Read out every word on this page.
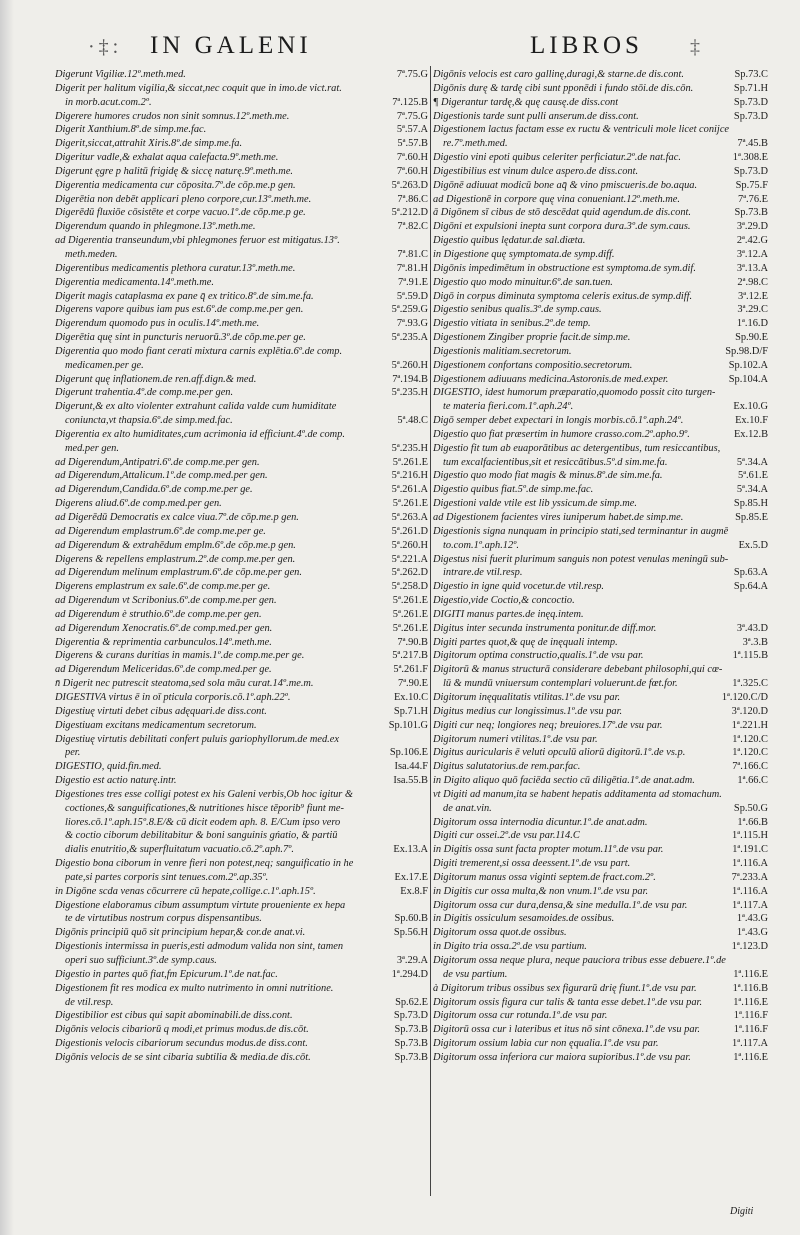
·‡: IN GALENI	LIBROS ‡
Digerunt Vigiliæ.12º.meth.med.	7ª.75.G
Digerit per halitum vigilia,& siccat,nec coquit que in imo.de vict.rat.
in morb.acut.com.2º.	7ª.125.B
Digerere humores crudos non sinit somnus.12º.meth.me.	7ª.75.G
Digerit Xanthium.8º.de simp.me.fac.	5ª.57.A
Digerit,siccat,attrahit Xiris.8º.de simp.me.fa.	5ª.57.B
Digeritur vadle,& exhalat aqua calefacta.9º.meth.me.	7ª.60.H
Digerunt ęgre p halitū frigidę & siccę naturę.9º.meth.me.	7ª.60.H
Digerentia medicamenta cur cōposita.7º.de cōp.me.p gen.	5ª.263.D
Digerētia non debēt applicari pleno corpore,cur.13º.meth.me.	7ª.86.C
Digerēdū fluxiōe cōsistēte et corpe vacuo.1º.de cōp.me.p ge.	5ª.212.D
Digerendum quando in phlegmone.13º.meth.me.	7ª.82.C
ad Digerentia transeundum,vbi phlegmones feruor est mitigatus.13º.
meth.meden.	7ª.81.C
Digerentibus medicamentis plethora curatur.13º.meth.me.	7ª.81.H
Digerentia medicamenta.14º.meth.me.	7ª.91.E
Digerit magis cataplasma ex pane q̄ ex tritico.8º.de sim.me.fa.	5ª.59.D
Digerens vapore quibus iam pus est.6º.de comp.me.per gen.	5ª.259.G
Digerendum quomodo pus in oculis.14º.meth.me.	7ª.93.G
Digerētia quę sint in puncturis neruorū.3º.de cōp.me.per ge.	5ª.235.A
Digerentia quo modo fiant cerati mixtura carnis explētia.6º.de comp.
medicamen.per ge.	5ª.260.H
Digerunt quę inflationem.de ren.aff.dign.& med.	7ª.194.B
Digerunt trahentia.4º.de comp.me.per gen.	5ª.235.H
Digerunt,& ex alto violenter extrahunt calida valde cum humiditate
coniuncta,vt thapsia.6º.de simp.med.fac.	5ª.48.C
Digerentia ex alto humiditates,cum acrimonia id efficiunt.4º.de comp.
med.per gen.	5ª.235.H
ad Digerendum,Antipatri.6º.de comp.me.per gen.	5ª.261.E
ad Digerendum,Attalicum.1º.de comp.med.per gen.	5ª.216.H
ad Digerendum,Candida.6º.de comp.me.per ge.	5ª.261.A
Digerens aliud.6º.de comp.med.per gen.	5ª.261.E
ad Digerēdū Democratis ex calce viua.7º.de cōp.me.p gen.	5ª.263.A
ad Digerendum emplastrum.6º.de comp.me.per ge.	5ª.261.D
ad Digerendum & extrahēdum emplm.6º.de cōp.me.p gen.	5ª.260.H
Digerens & repellens emplastrum.2º.de comp.me.per gen.	5ª.221.A
ad Digerendum melinum emplastrum.6º.de cōp.me.per gen.	5ª.262.D
Digerens emplastrum ex sale.6º.de comp.me.per ge.	5ª.258.D
ad Digerendum vt Scribonius.6º.de comp.me.per gen.	5ª.261.E
ad Digerendum è struthio.6º.de comp.me.per gen.	5ª.261.E
ad Digerendum Xenocratis.6º.de comp.med.per gen.	5ª.261.E
Digerentia & reprimentia carbunculos.14º.meth.me.	7ª.90.B
Digerens & curans duritias in mamis.1º.de comp.me.per ge.	5ª.217.B
ad Digerendum Meliceridas.6º.de comp.med.per ge.	5ª.261.F
n̄ Digerit nec putrescit steatoma,sed sola māu curat.14º.me.m.	7ª.90.E
DIGESTIVA virtus ē in oī pticula corporis.cō.1º.aph.22º.	Ex.10.C
Digestiuę virtuti debet cibus adęquari.de diss.cont.	Sp.71.H
Digestiuam excitans medicamentum secretorum.	Sp.101.G
Digestiuę virtutis debilitati confert puluis gariophyllorum.de med.ex
per.	Sp.106.E
DIGESTIO, quid.fin.med.	Isa.44.F
Digestio est actio naturę.intr.	Isa.55.B
Digestiones tres esse colligi potest ex his Galeni verbis,Ob hoc igitur &
coctiones,& sanguificationes,& nutritiones hisce tēporib⁹ fiunt me-
liores.cō.1º.aph.15º.8.E/& cū dicit eodem aph. 8. E/Cum ipso vero
& coctio ciborum debilitabitur & boni sanguinis gńatio, & partiū
dialis enutritio,& superfluitatum vacuatio.cō.2º.aph.7º.	Ex.13.A
Digestio bona ciborum in venre fieri non potest,neq; sanguificatio in he
pate,si partes corporis sint tenues.com.2º.ap.35º.	Ex.17.E
in Digōne scda venas cōcurrere cū hepate,collige.c.1º.aph.15º.	Ex.8.F
Digestione elaboramus cibum assumptum virtute proueniente ex hepa
te de virtutibus nostrum corpus dispensantibus.	Sp.60.B
Digōnis principiū quō sit principium hepar,& cor.de anat.vi.	Sp.56.H
Digestionis intermissa in pueris,esti admodum valida non sint, tamen
operi suo sufficiunt.3º.de symp.caus.	3ª.29.A
Digestio in partes quō fiat,fm Epicurum.1º.de nat.fac.	1ª.294.D
Digestionem fit res modica ex multo nutrimento in omni nutritione.
de vtil.resp.	Sp.62.E
Digestibilior est cibus qui sapit abominabili.de diss.cont.	Sp.73.D
Digōnis velocis cibariorū q modi,et primus modus.de dis.cōt.	Sp.73.B
Digestionis velocis cibariorum secundus modus.de diss.cont.	Sp.73.B
Digōnis velocis de se sint cibaria subtilia & media.de dis.cōt.	Sp.73.B
Digōnis velocis est caro gallinę,duragi,& starne.de dis.cont.	Sp.73.C
Digōnis durę & tardę cibi sunt pponēdi i fundo stōi.de dis.cōn.	Sp.71.H
¶ Digerantur tardę,& quę causę.de diss.cont	Sp.73.D
Digestionis tarde sunt pulli anserum.de diss.cont.	Sp.73.D
Digestionem lactus factam esse ex ructu & ventriculi mole licet conijce
re.7º.meth.med.	7ª.45.B
Digestio vini epoti quibus celeriter perficiatur.2º.de nat.fac.	1ª.308.E
Digestibilius est vinum dulce aspero.de diss.cont.	Sp.73.D
Digōnē adiuuat modicū bone aq̄ & vino pmiscueris.de bo.aqua.	Sp.75.F
ad Digestionē in corpore quę vina conueniant.12º.meth.me.	7ª.76.E
ā Digōnem sī cibus de stō descēdat quid agendum.de dis.cont.	Sp.73.B
Digōni et expulsioni inepta sunt corpora dura.3º.de sym.caus.	3ª.29.D
Digestio quibus lędatur.de sal.diæta.	2ª.42.G
in Digestione quę symptomata.de symp.diff.	3ª.12.A
Digōnis impedimētum in obstructione est symptoma.de sym.dif.	3ª.13.A
Digestio quo modo minuitur.6º.de san.tuen.	2ª.98.C
Digō in corpus diminuta symptoma celeris exitus.de symp.diff.	3ª.12.E
Digestio senibus qualis.3º.de symp.caus.	3ª.29.C
Digestio vitiata in senibus.2º.de temp.	1ª.16.D
Digestionem Zingiber proprie facit.de simp.me.	Sp.90.E
Digestionis malitiam.secretorum.	Sp.98.D/F
Digestionem confortans compositio.secretorum.	Sp.102.A
Digestionem adiuuans medicina.Astoronis.de med.exper.	Sp.104.A
DIGESTIO, idest humorum præparatio,quomodo possit cito turgen-
te materia fieri.com.1º.aph.24º.	Ex.10.G
Digō semper debet expectari in longis morbis.cō.1º.aph.24º.	Ex.10.F
Digestio quo fiat præsertim in humore crasso.com.2º.apho.9º.	Ex.12.B
Digestio fit tum ab euaporātibus ac detergentibus, tum resiccantibus,
tum excalfacientibus,sit et resiccātibus.5º.d sim.me.fa.	5ª.34.A
Digestio quo modo fiat magis & minus.8º.de sim.me.fa.	5ª.61.E
Digestio quibus fiat.5º.de simp.me.fac.	5ª.34.A
Digestioni valde vtile est lib yssicum.de simp.me.	Sp.85.H
ad Digestionem facientes vires iuniperum habet.de simp.me.	Sp.85.E
Digestionis signa nunquam in principio stati,sed terminantur in augmē
to.com.1º.aph.12º.	Ex.5.D
Digestus nisi fuerit plurimum sanguis non potest venulas meningū sub-
intrare.de vtil.resp.	Sp.63.A
Digestio in igne quid vocetur.de vtil.resp.	Sp.64.A
Digestio,vide Coctio,& concoctio.
DIGITI manus partes.de inęq.intem.
Digitus inter secunda instrumenta ponitur.de diff.mor.	3ª.43.D
Digiti partes quot,& quę de inęquali intemp.	3ª.3.B
Digitorum optima constructio,qualis.1º.de vsu par.	1ª.115.B
Digitorū & manus structurā considerare debebant philosophi,qui cœ-
lū & mundū vniuersum contemplari voluerunt.de fœt.for.	1ª.325.C
Digitorum inęqualitatis vtilitas.1º.de vsu par.	1ª.120.C/D
Digitus medius cur longissimus.1º.de vsu par.	3ª.120.D
Digiti cur neq; longiores neq; breuiores.17º.de vsu par.	1ª.221.H
Digitorum numeri vtilitas.1º.de vsu par.	1ª.120.C
Digitus auricularis ē veluti opculū aliorū digitorū.1º.de vs.p.	1ª.120.C
Digitus salutatorius.de rem.par.fac.	7ª.166.C
in Digito aliquo quō faciēda sectio cū diligētia.1º.de anat.adm.	1ª.66.C
vt Digiti ad manum,ita se habent hepatis additamenta ad stomachum.
de anat.vin.	Sp.50.G
Digitorum ossa internodia dicuntur.1º.de anat.adm.	1ª.66.B
Digiti cur ossei.2º.de vsu par.114.C	1ª.115.H
in Digitis ossa sunt facta propter motum.11º.de vsu par.	1ª.191.C
Digiti tremerent,si ossa deessent.1º.de vsu part.	1ª.116.A
Digitorum manus ossa viginti septem.de fract.com.2º.	7ª.233.A
in Digitis cur ossa multa,& non vnum.1º.de vsu par.	1ª.116.A
Digitorum ossa cur dura,densa,& sine medulla.1º.de vsu par.	1ª.117.A
in Digitis ossiculum sesamoides.de ossibus.	1ª.43.G
Digitorum ossa quot.de ossibus.	1ª.43.G
in Digito tria ossa.2º.de vsu partium.	1ª.123.D
Digitorum ossa neque plura, neque pauciora tribus esse debuere.1º.de
de vsu partium.	1ª.116.E
à Digitorum tribus ossibus sex figurarū drię fiunt.1º.de vsu par.	1ª.116.B
Digitorum ossis figura cur talis & tanta esse debet.1º.de vsu par.	1ª.116.E
Digitorum ossa cur rotunda.1º.de vsu par.	1ª.116.F
Digitorū ossa cur ì lateribus et itus nō sint cōnexa.1º.de vsu par.	1ª.116.F
Digitorum ossium labia cur non ęqualia.1º.de vsu par.	1ª.117.A
Digitorum ossa inferiora cur maiora supioribus.1º.de vsu par.	1ª.116.E
Digiti
